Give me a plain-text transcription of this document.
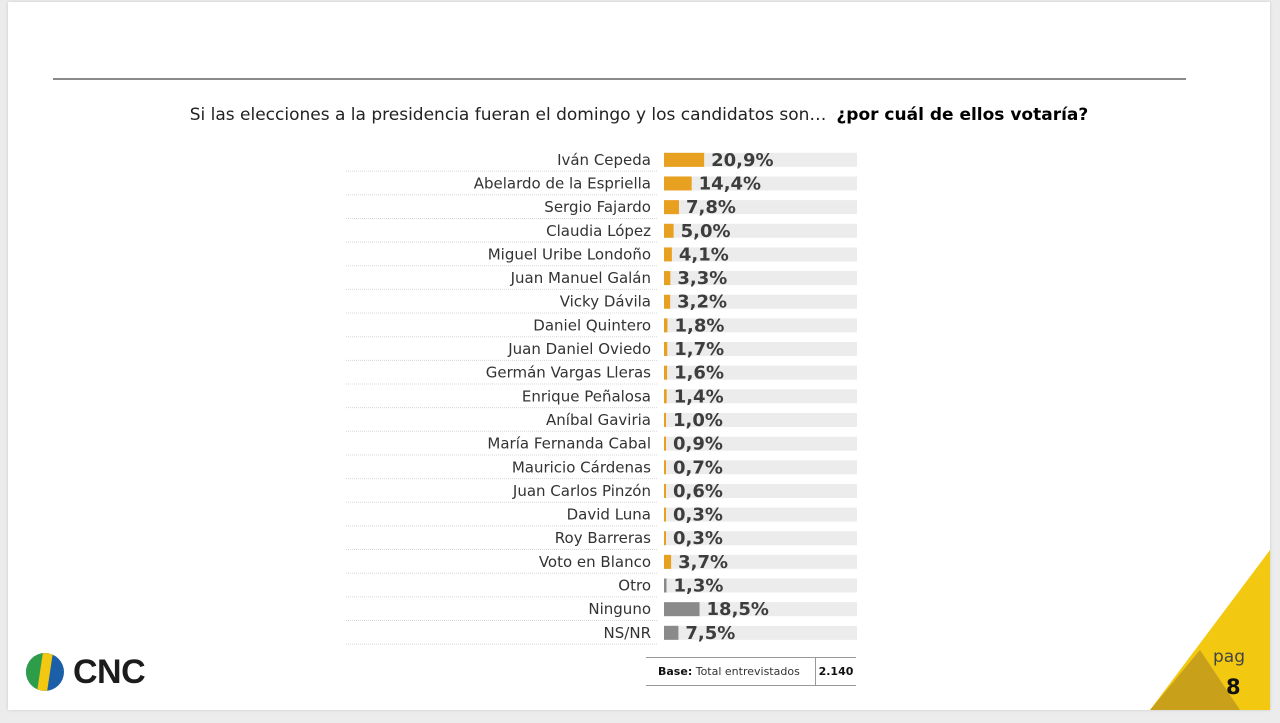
Si las elecciones a la presidencia fueran el domingo y los candidatos son… ¿por cuál de ellos votaría?
Iván Cepeda	20,9%
Abelardo de la Espriella	14,4%
Sergio Fajardo 7,8%
Claudia López 5,0%
Miguel Uribe Londoño 4,1%
Juan Manuel Galán 3,3%
Vicky Dávila 3,2%
Daniel Quintero 1,8%
Juan Daniel Oviedo 1,7%
Germán Vargas Lleras 1,6%
Enrique Peñalosa 1,4%
Aníbal Gaviria 1,0%
María Fernanda Cabal 0,9%
Mauricio Cárdenas 0,7%
Juan Carlos Pinzón 0,6%
David Luna 0,3%
Roy Barreras 0,3%
Voto en Blanco 3,7%
Otro 1,3%
Ninguno	18,5%
NS/NR 7,5%
Base: Total entrevistados	2.140
CNC	pag
8
